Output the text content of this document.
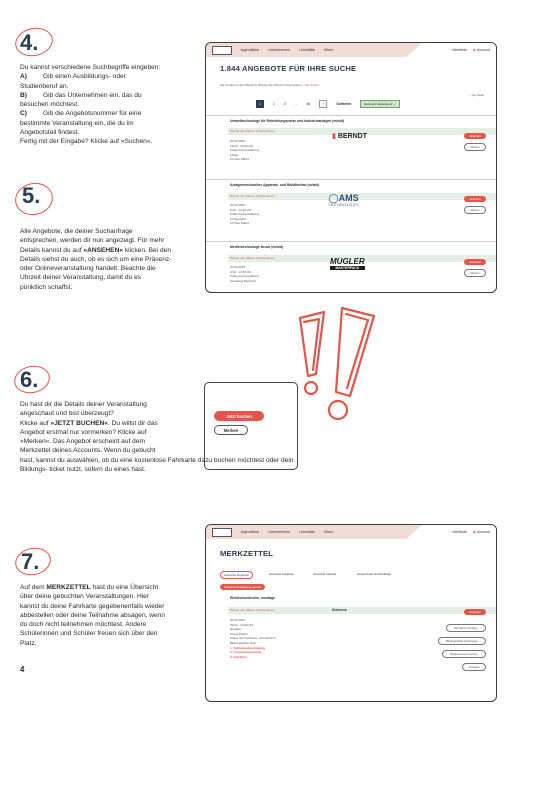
4.
Du kannst verschiedene Suchbegriffe eingeben:
A) Gib einen Ausbildungs- oder
Studienberuf an.
B) Gib das Unternehmen ein, das du
besuchen möchtest.
C) Gib die Angebotsnummer für eine
bestimmte Veranstaltung ein, die du im
Angebotsteil findest.
Fertig mit der Eingabe? Klicke auf »Suchen«.
5.
Alle Angebote, die deiner Suchanfrage
entsprechen, werden dir nun angezeigt. Für mehr
Details kannst du auf »ANSEHEN« klicken. Bei den
Details siehst du auch, ob es sich um eine Präsenz-
oder Onlineveranstaltung handelt. Beachte die
Uhrzeit deiner Veranstaltung, damit du es
pünktlich schaffst.
Jugendliche	Unternehmen	Lehrkräfte	Eltern	♡ Merkliste	◉ Account
1.844 ANGEBOTE FÜR IHRE SUCHE
Sie suchten in dem Bereich: Woche der offenen Unternehmen · Alle Filtern
⌄ pro Seite
1	2	3	...	46	›	Sortieren	Relevanz absteigend ⌄
Umwelttechnologe für Rohrleitungsnetze und Industrieanlagen (m/w/d)
Woche der offenen Unternehmen
20.03.2025
13:00 - 15:00 Uhr
Präsenzveranstaltung
Löbau
10 freie Plätze
▮ BERNDT	Ansehen
Merken
Anlagenmechaniker Apparate- und Behälterbau (m/w/d)
Woche der offenen Unternehmen
20.03.2025
9:00 - 12:00 Uhr
Präsenzveranstaltung
Lichtenstein
10 freie Plätze
◯AMS
TECHNOLOGY
Ansehen
Merken
Medientechnologe Druck (m/w/d)
Woche der offenen Unternehmen
20.03.2025
9:00 - 13:30 Uhr
Präsenzveranstaltung
Annaberg-Buchholz
MUGLER
MASTERPACK
Ansehen
Merken
6.
Jetzt buchen
Merken
Du hast dir die Details deiner Veranstaltung
angeschaut und bist überzeugt?
Klicke auf »JETZT BUCHEN«. Du willst dir das
Angebot erstmal nur vormerken? Klicke auf
»Merken«. Das Angebot erscheint auf dem
Merkzettel deines Accounts. Wenn du gebucht
hast, kannst du auswählen, ob du eine kostenlose Fahrkarte dazu buchen möchtest oder dein
Bildungs- ticket nutzt, sofern du eines hast.
7.
Auf dem MERKZETTEL hast du eine Übersicht
über deine gebuchten Veranstaltungen. Hier
kannst du deine Fahrkarte gegebenenfalls wieder
abbestellen oder deine Teilnahme absagen, wenn
du doch nicht teilnehmen möchtest. Andere
Schülerinnen und Schüler freuen sich über den
Platz.
Jugendliche	Unternehmen	Lehrkräfte	Eltern	♡ Merkliste	◉ Account
MERKZETTEL
Gebuchte Angebote	Gemerkte Angebote	Gemerkte Inserate	Gespeicherte Suchaufträge
Teilnahmebestätigung gesend
Elektromonteur/in, montage
Woche der offenen Unternehmen	Siemens
20.03.2025
09:00 - 12:00 Uhr
Dresden
9 freie Plätze
Status der Fahrkarte: unterstützt ●
Bildungsticket: Nein
1. Teilnahmebestätigung
2. Freistellungsantrag
3. Fahrkarte
Ansehen
Fahrkarte kündigen
Bildungsticket hinterlegen
Begleitperson buchen
Absagen
4
